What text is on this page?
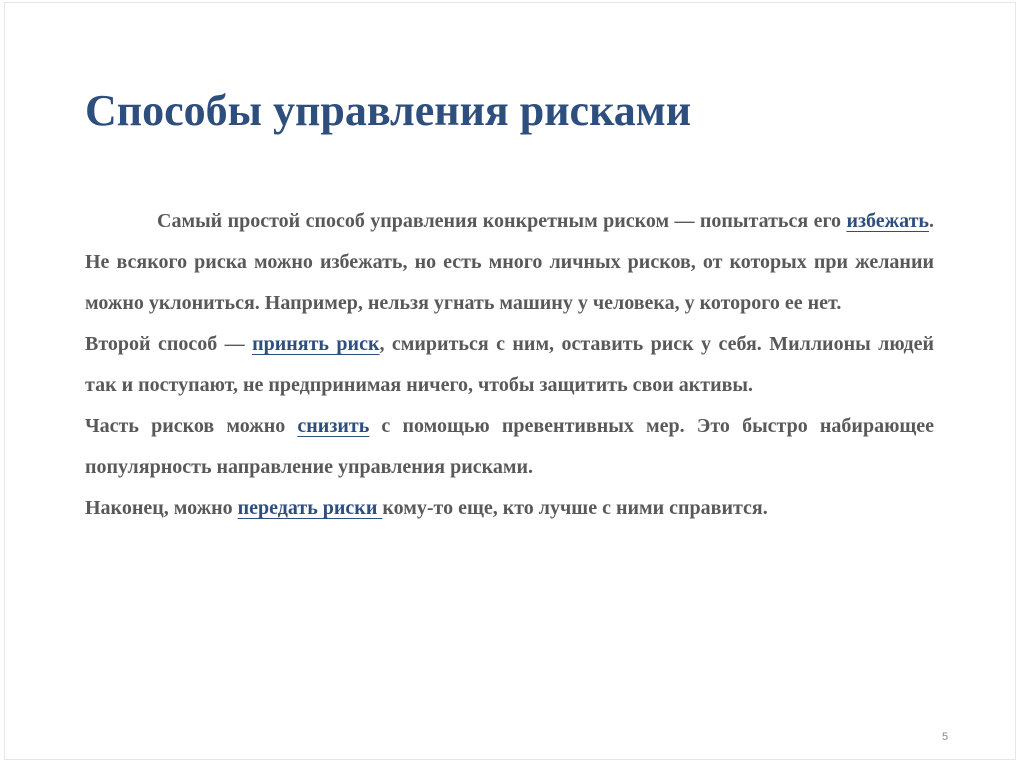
Способы управления рисками

Самый простой способ управления конкретным риском — попытаться его избежать. Не всякого риска можно избежать, но есть много личных рисков, от которых при желании можно уклониться. Например, нельзя угнать машину у человека, у которого ее нет.

Второй способ — принять риск, смириться с ним, оставить риск у себя. Миллионы людей так и поступают, не предпринимая ничего, чтобы защитить свои активы.

Часть рисков можно снизить с помощью превентивных мер. Это быстро набирающее популярность направление управления рисками.

Наконец, можно передать риски кому-то еще, кто лучше с ними справится.

5
